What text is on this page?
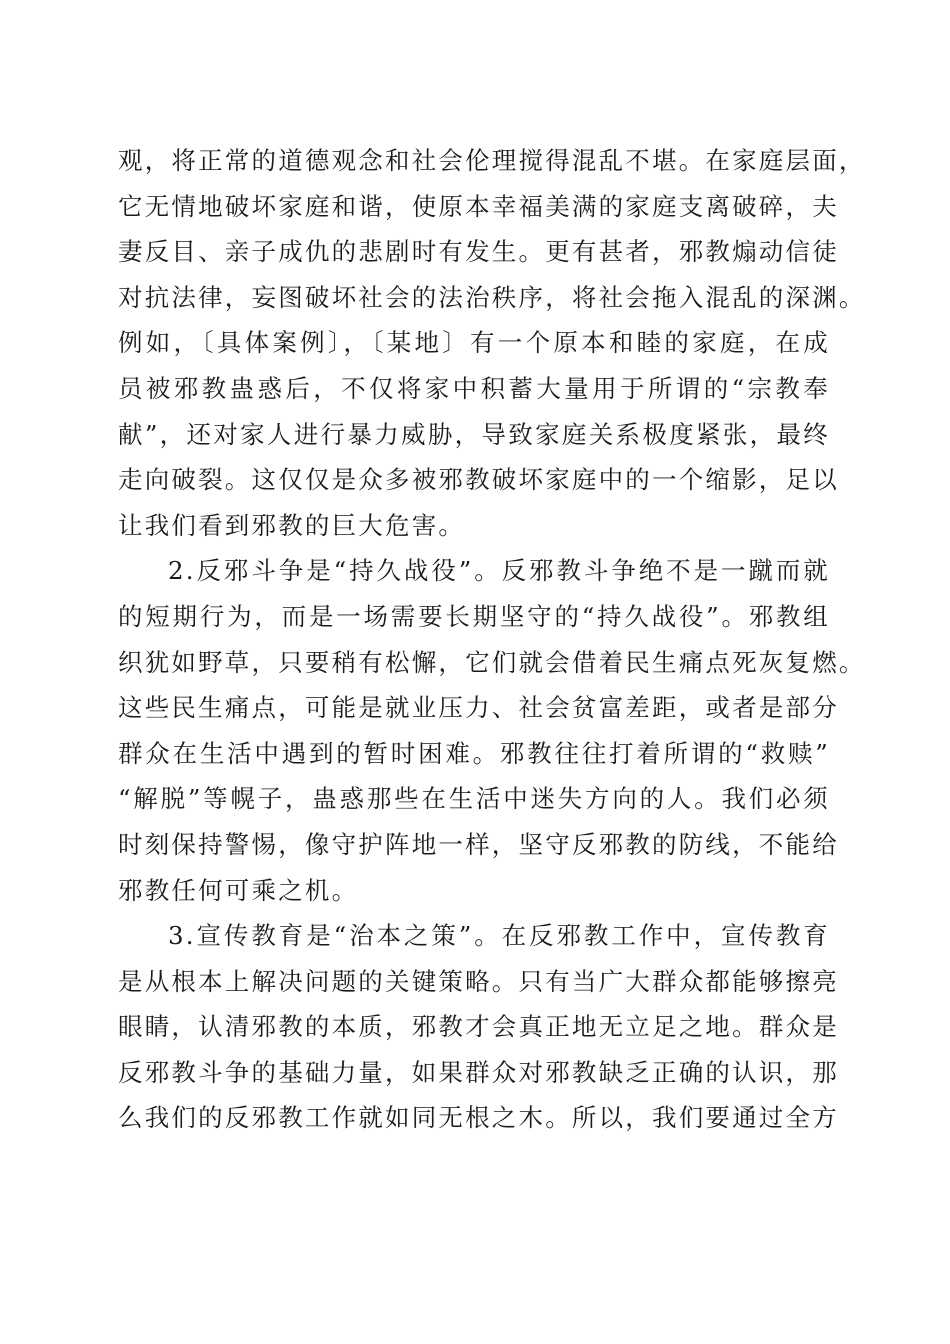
观，将正常的道德观念和社会伦理搅得混乱不堪。在家庭层面，
它无情地破坏家庭和谐，使原本幸福美满的家庭支离破碎，夫
妻反目、亲子成仇的悲剧时有发生。更有甚者，邪教煽动信徒
对抗法律，妄图破坏社会的法治秩序，将社会拖入混乱的深渊。
例如，〔具体案例〕，〔某地〕有一个原本和睦的家庭，在成
员被邪教蛊惑后，不仅将家中积蓄大量用于所谓的“宗教奉
献”，还对家人进行暴力威胁，导致家庭关系极度紧张，最终
走向破裂。这仅仅是众多被邪教破坏家庭中的一个缩影，足以
让我们看到邪教的巨大危害。
2.反邪斗争是“持久战役”。反邪教斗争绝不是一蹴而就
的短期行为，而是一场需要长期坚守的“持久战役”。邪教组
织犹如野草，只要稍有松懈，它们就会借着民生痛点死灰复燃。
这些民生痛点，可能是就业压力、社会贫富差距，或者是部分
群众在生活中遇到的暂时困难。邪教往往打着所谓的“救赎”
“解脱”等幌子，蛊惑那些在生活中迷失方向的人。我们必须
时刻保持警惕，像守护阵地一样，坚守反邪教的防线，不能给
邪教任何可乘之机。
3.宣传教育是“治本之策”。在反邪教工作中，宣传教育
是从根本上解决问题的关键策略。只有当广大群众都能够擦亮
眼睛，认清邪教的本质，邪教才会真正地无立足之地。群众是
反邪教斗争的基础力量，如果群众对邪教缺乏正确的认识，那
么我们的反邪教工作就如同无根之木。所以，我们要通过全方
